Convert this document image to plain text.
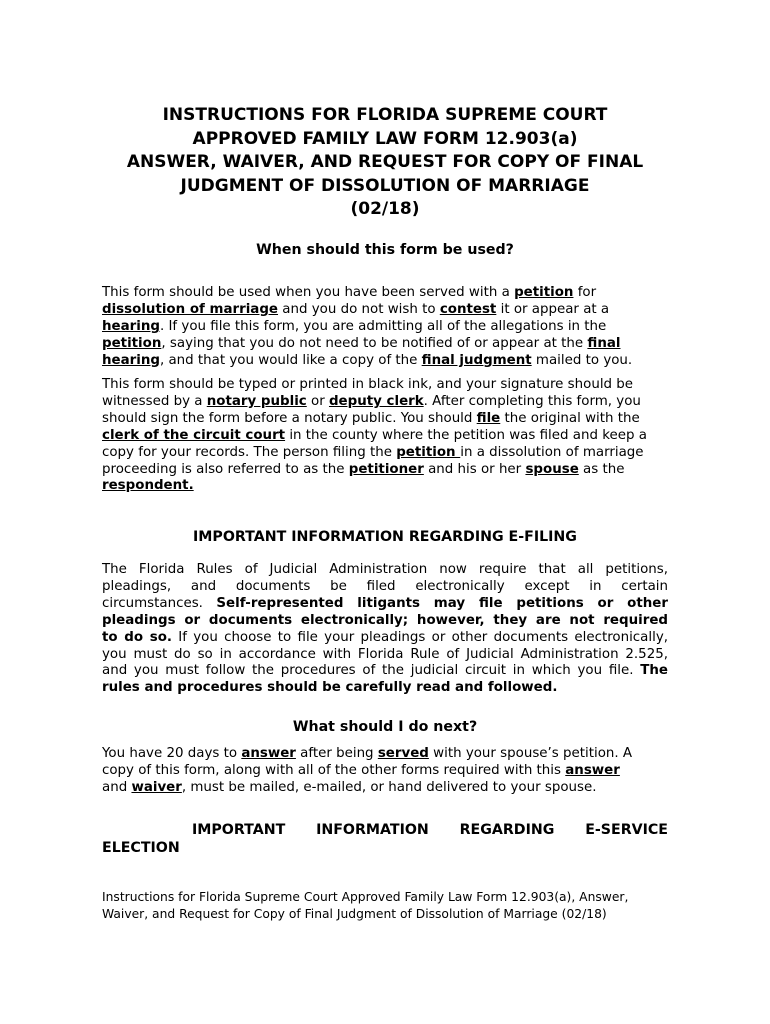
INSTRUCTIONS FOR FLORIDA SUPREME COURT
APPROVED FAMILY LAW FORM 12.903(a)
ANSWER, WAIVER, AND REQUEST FOR COPY OF FINAL
JUDGMENT OF DISSOLUTION OF MARRIAGE
(02/18)
When should this form be used?
This form should be used when you have been served with a petition for
dissolution of marriage and you do not wish to contest it or appear at a
hearing. If you file this form, you are admitting all of the allegations in the
petition, saying that you do not need to be notified of or appear at the final
hearing, and that you would like a copy of the final judgment mailed to you.
This form should be typed or printed in black ink, and your signature should be
witnessed by a notary public or deputy clerk. After completing this form, you
should sign the form before a notary public. You should file the original with the
clerk of the circuit court in the county where the petition was filed and keep a
copy for your records. The person filing the petition in a dissolution of marriage
proceeding is also referred to as the petitioner and his or her spouse as the
respondent.
IMPORTANT INFORMATION REGARDING E-FILING
The Florida Rules of Judicial Administration now require that all petitions,
pleadings, and documents be filed electronically except in certain
circumstances. Self-represented litigants may file petitions or other
pleadings or documents electronically; however, they are not required
to do so. If you choose to file your pleadings or other documents electronically,
you must do so in accordance with Florida Rule of Judicial Administration 2.525,
and you must follow the procedures of the judicial circuit in which you file. The
rules and procedures should be carefully read and followed.
What should I do next?
You have 20 days to answer after being served with your spouse’s petition. A
copy of this form, along with all of the other forms required with this answer
and waiver, must be mailed, e-mailed, or hand delivered to your spouse.
IMPORTANT INFORMATION REGARDING E-SERVICE
ELECTION
Instructions for Florida Supreme Court Approved Family Law Form 12.903(a), Answer,
Waiver, and Request for Copy of Final Judgment of Dissolution of Marriage (02/18)
